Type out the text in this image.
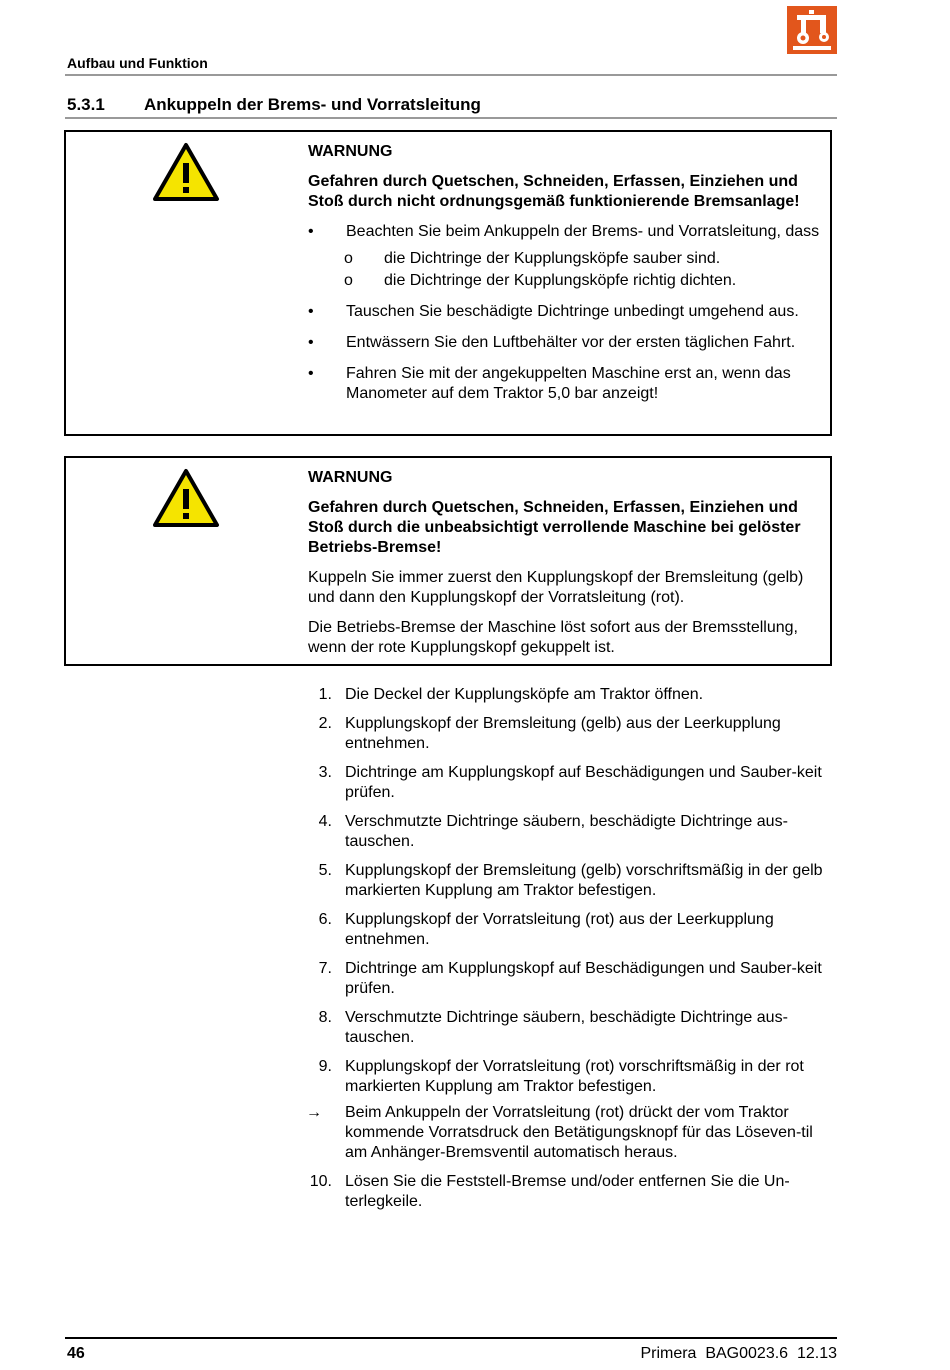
Aufbau und Funktion
5.3.1 Ankuppeln der Brems- und Vorratsleitung

WARNUNG

Gefahren durch Quetschen, Schneiden, Erfassen, Einziehen und Stoß durch nicht ordnungsgemäß funktionierende Bremsanlage!

• Beachten Sie beim Ankuppeln der Brems- und Vorratsleitung, dass
ο die Dichtringe der Kupplungsköpfe sauber sind.
ο die Dichtringe der Kupplungsköpfe richtig dichten.
• Tauschen Sie beschädigte Dichtringe unbedingt umgehend aus.
• Entwässern Sie den Luftbehälter vor der ersten täglichen Fahrt.
• Fahren Sie mit der angekuppelten Maschine erst an, wenn das Manometer auf dem Traktor 5,0 bar anzeigt!

WARNUNG

Gefahren durch Quetschen, Schneiden, Erfassen, Einziehen und Stoß durch die unbeabsichtigt verrollende Maschine bei gelöster Betriebs-Bremse!

Kuppeln Sie immer zuerst den Kupplungskopf der Bremsleitung (gelb) und dann den Kupplungskopf der Vorratsleitung (rot).

Die Betriebs-Bremse der Maschine löst sofort aus der Bremsstellung, wenn der rote Kupplungskopf gekuppelt ist.

1. Die Deckel der Kupplungsköpfe am Traktor öffnen.
2. Kupplungskopf der Bremsleitung (gelb) aus der Leerkupplung entnehmen.
3. Dichtringe am Kupplungskopf auf Beschädigungen und Sauber-keit prüfen.
4. Verschmutzte Dichtringe säubern, beschädigte Dichtringe aus-tauschen.
5. Kupplungskopf der Bremsleitung (gelb) vorschriftsmäßig in der gelb markierten Kupplung am Traktor befestigen.
6. Kupplungskopf der Vorratsleitung (rot) aus der Leerkupplung entnehmen.
7. Dichtringe am Kupplungskopf auf Beschädigungen und Sauber-keit prüfen.
8. Verschmutzte Dichtringe säubern, beschädigte Dichtringe aus-tauschen.
9. Kupplungskopf der Vorratsleitung (rot) vorschriftsmäßig in der rot markierten Kupplung am Traktor befestigen.
→ Beim Ankuppeln der Vorratsleitung (rot) drückt der vom Traktor kommende Vorratsdruck den Betätigungsknopf für das Löseven-til am Anhänger-Bremsventil automatisch heraus.
10. Lösen Sie die Feststell-Bremse und/oder entfernen Sie die Un-terlegkeile.
46	Primera  BAG0023.6  12.13
